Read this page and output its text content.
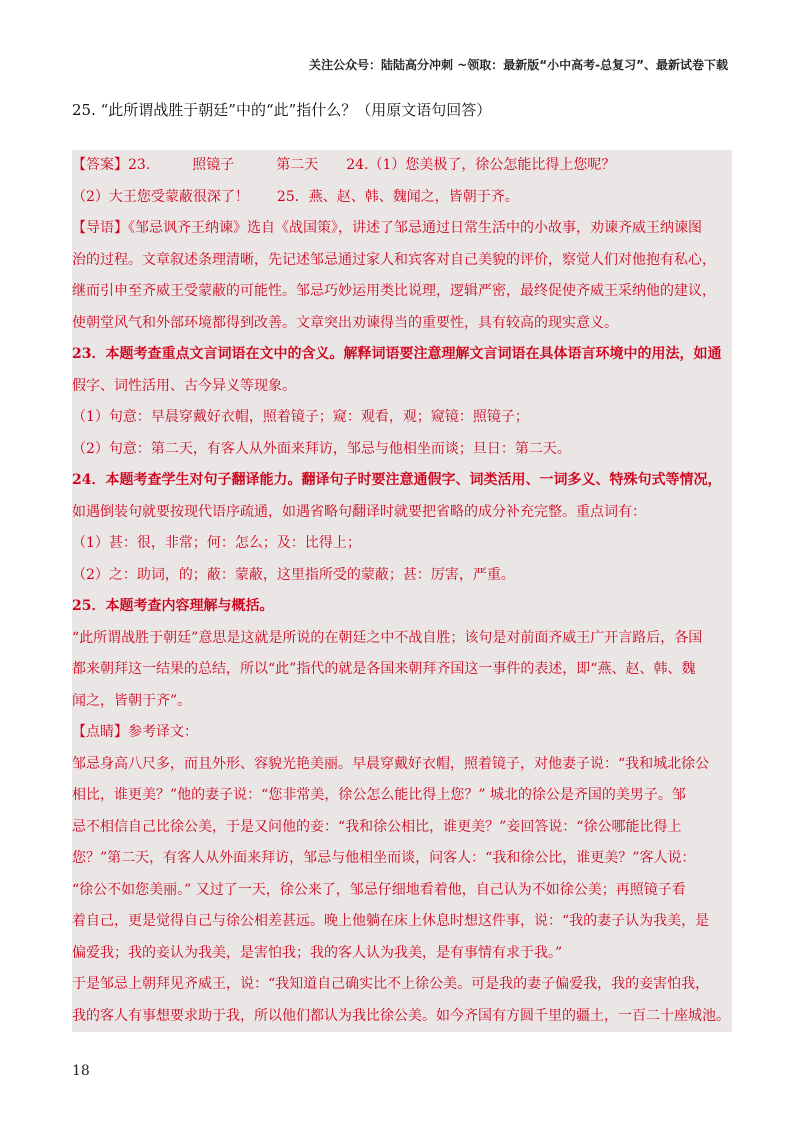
关注公众号：陆陆高分冲刺 ~领取：最新版“小中高考-总复习”、最新试卷下载
25. “此所谓战胜于朝廷”中的“此”指什么？（用原文语句回答）
【答案】23.　　　照镜子　　　第二天　　24.（1）您美极了，徐公怎能比得上您呢？
（2）大王您受蒙蔽很深了！　　25．燕、赵、韩、魏闻之，皆朝于齐。
【导语】《邹忌讽齐王纳谏》选自《战国策》，讲述了邹忌通过日常生活中的小故事，劝谏齐威王纳谏图
治的过程。文章叙述条理清晰，先记述邹忌通过家人和宾客对自己美貌的评价，察觉人们对他抱有私心，
继而引申至齐威王受蒙蔽的可能性。邹忌巧妙运用类比说理，逻辑严密，最终促使齐威王采纳他的建议，
使朝堂风气和外部环境都得到改善。文章突出劝谏得当的重要性，具有较高的现实意义。
23．本题考查重点文言词语在文中的含义。解释词语要注意理解文言词语在具体语言环境中的用法，如通
假字、词性活用、古今异义等现象。
（1）句意：早晨穿戴好衣帽，照着镜子；窥：观看，观；窥镜：照镜子；
（2）句意：第二天，有客人从外面来拜访，邹忌与他相坐而谈；旦日：第二天。
24．本题考查学生对句子翻译能力。翻译句子时要注意通假字、词类活用、一词多义、特殊句式等情况，
如遇倒装句就要按现代语序疏通，如遇省略句翻译时就要把省略的成分补充完整。重点词有：
（1）甚：很，非常；何：怎么；及：比得上；
（2）之：助词，的；蔽：蒙蔽，这里指所受的蒙蔽；甚：厉害，严重。
25．本题考查内容理解与概括。
“此所谓战胜于朝廷”意思是这就是所说的在朝廷之中不战自胜；该句是对前面齐威王广开言路后，各国
都来朝拜这一结果的总结，所以“此”指代的就是各国来朝拜齐国这一事件的表述，即“燕、赵、韩、魏
闻之，皆朝于齐”。
【点睛】参考译文：
邹忌身高八尺多，而且外形、容貌光艳美丽。早晨穿戴好衣帽，照着镜子，对他妻子说：“我和城北徐公
相比，谁更美？”他的妻子说：“您非常美，徐公怎么能比得上您？” 城北的徐公是齐国的美男子。邹
忌不相信自己比徐公美，于是又问他的妾：“我和徐公相比，谁更美？”妾回答说：“徐公哪能比得上
您？”第二天，有客人从外面来拜访，邹忌与他相坐而谈，问客人：“我和徐公比，谁更美？”客人说：
“徐公不如您美丽。” 又过了一天，徐公来了，邹忌仔细地看着他，自己认为不如徐公美；再照镜子看
着自己，更是觉得自己与徐公相差甚远。晚上他躺在床上休息时想这件事，说：“我的妻子认为我美，是
偏爱我；我的妾认为我美，是害怕我；我的客人认为我美，是有事情有求于我。”
于是邹忌上朝拜见齐威王，说：“我知道自己确实比不上徐公美。可是我的妻子偏爱我，我的妾害怕我，
我的客人有事想要求助于我，所以他们都认为我比徐公美。如今齐国有方圆千里的疆土，一百二十座城池。
18
